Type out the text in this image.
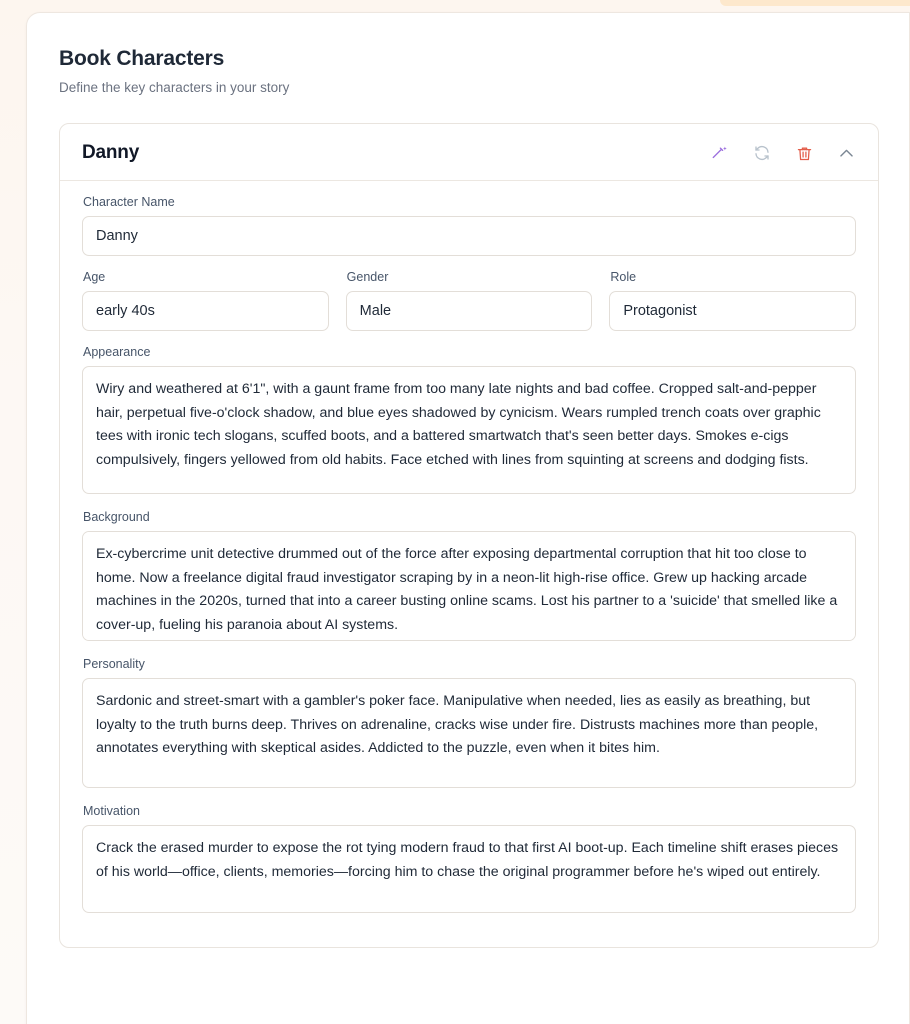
Book Characters

Define the key characters in your story

Danny
Character Name
Danny
Age
early 40s	Gender
Male	Role
Protagonist
Appearance
Wiry and weathered at 6'1", with a gaunt frame from too many late nights and bad coffee. Cropped salt-and-pepper hair, perpetual five-o'clock shadow, and blue eyes shadowed by cynicism. Wears rumpled trench coats over graphic tees with ironic tech slogans, scuffed boots, and a battered smartwatch that's seen better days. Smokes e-cigs compulsively, fingers yellowed from old habits. Face etched with lines from squinting at screens and dodging fists.
Background
Ex-cybercrime unit detective drummed out of the force after exposing departmental corruption that hit too close to home. Now a freelance digital fraud investigator scraping by in a neon-lit high-rise office. Grew up hacking arcade machines in the 2020s, turned that into a career busting online scams. Lost his partner to a 'suicide' that smelled like a cover-up, fueling his paranoia about AI systems.
Personality
Sardonic and street-smart with a gambler's poker face. Manipulative when needed, lies as easily as breathing, but loyalty to the truth burns deep. Thrives on adrenaline, cracks wise under fire. Distrusts machines more than people, annotates everything with skeptical asides. Addicted to the puzzle, even when it bites him.
Motivation
Crack the erased murder to expose the rot tying modern fraud to that first AI boot-up. Each timeline shift erases pieces of his world—office, clients, memories—forcing him to chase the original programmer before he's wiped out entirely.
